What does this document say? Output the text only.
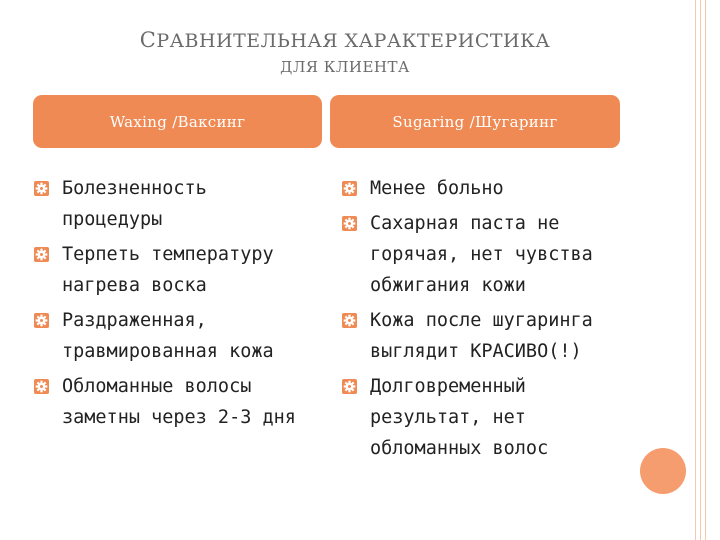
СРАВНИТЕЛЬНАЯ ХАРАКТЕРИСТИКА
ДЛЯ КЛИЕНТА
Waxing /Ваксинг	Sugaring /Шугаринг
Болезненность процедуры
Терпеть температуру нагрева воска
Раздраженная, травмированная кожа
Обломанные волосы заметны через 2-3 дня
Менее больно
Сахарная паста не горячая, нет чувства обжигания кожи
Кожа после шугаринга выглядит КРАСИВО(!)
Долговременный результат, нет обломанных волос
